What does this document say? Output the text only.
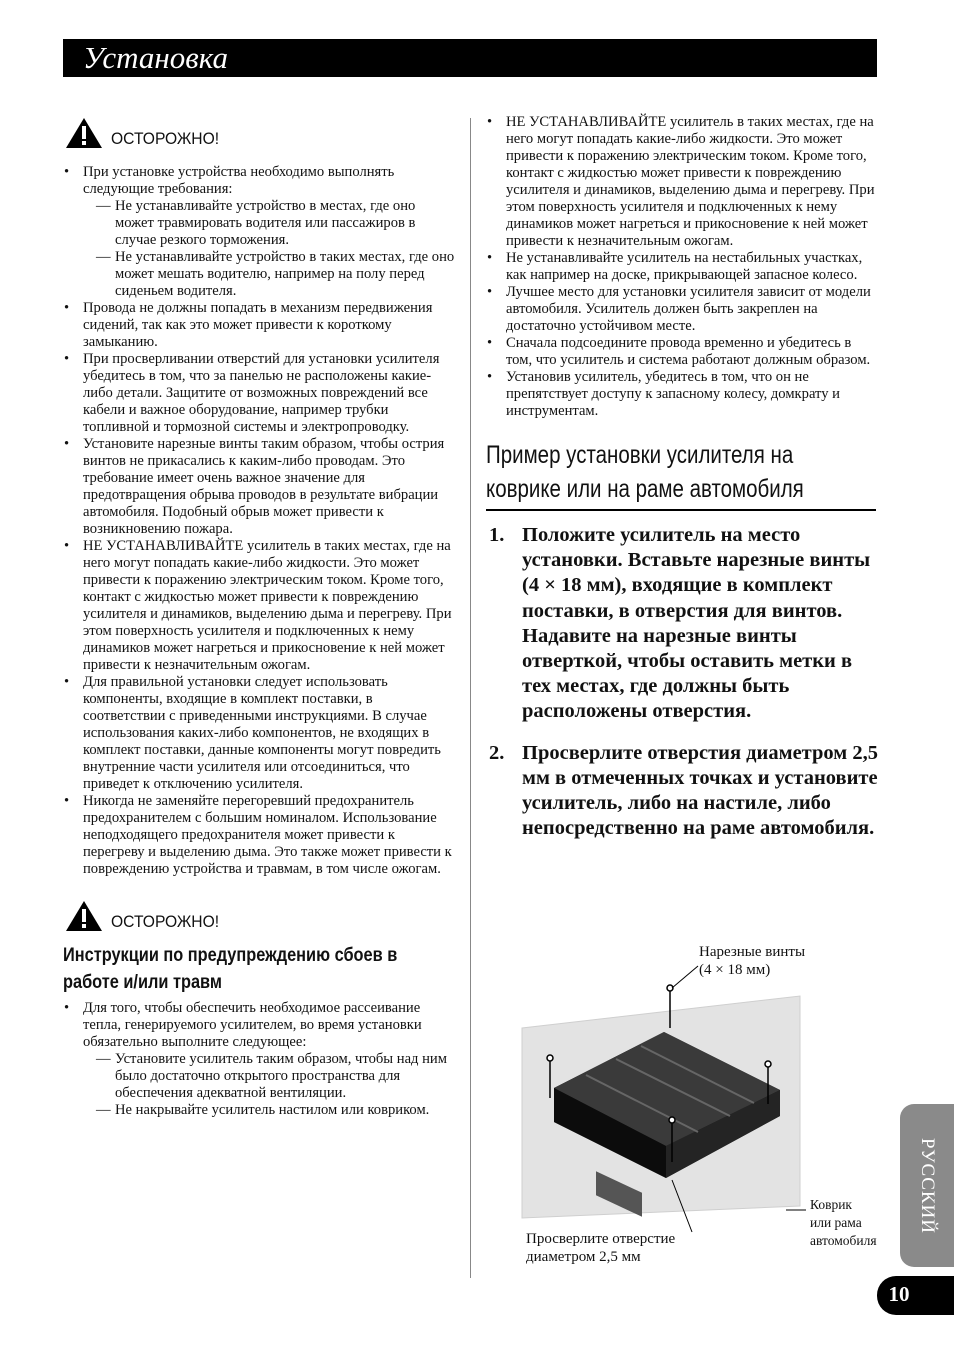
Установка
ОСТОРОЖНО!
• При установке устройства необходимо выполнять следующие требования:
— Не устанавливайте устройство в местах, где оно может травмировать водителя или пассажиров в случае резкого торможения.
— Не устанавливайте устройство в таких местах, где оно может мешать водителю, например на полу перед сиденьем водителя.
• Провода не должны попадать в механизм передвижения сидений, так как это может привести к короткому замыканию.
• При просверливании отверстий для установки усилителя убедитесь в том, что за панелью не расположены какие-либо детали. Защитите от возможных повреждений все кабели и важное оборудование, например трубки топливной и тормозной системы и электропроводку.
• Установите нарезные винты таким образом, чтобы острия винтов не прикасались к каким-либо проводам. Это требование имеет очень важное значение для предотвращения обрыва проводов в результате вибрации автомобиля. Подобный обрыв может привести к возникновению пожара.
• НЕ УСТАНАВЛИВАЙТЕ усилитель в таких местах, где на него могут попадать какие-либо жидкости. Это может привести к поражению электрическим током. Кроме того, контакт с жидкостью может привести к повреждению усилителя и динамиков, выделению дыма и перегреву. При этом поверхность усилителя и подключенных к нему динамиков может нагреться и прикосновение к ней может привести к незначительным ожогам.
• Для правильной установки следует использовать компоненты, входящие в комплект поставки, в соответствии с приведенными инструкциями. В случае использования каких-либо компонентов, не входящих в комплект поставки, данные компоненты могут повредить внутренние части усилителя или отсоединиться, что приведет к отключению усилителя.
• Никогда не заменяйте перегоревший предохранитель предохранителем с большим номиналом. Использование неподходящего предохранителя может привести к перегреву и выделению дыма. Это также может привести к повреждению устройства и травмам, в том числе ожогам.
ОСТОРОЖНО!
Инструкции по предупреждению сбоев в работе и/или травм
• Для того, чтобы обеспечить необходимое рассеивание тепла, генерируемого усилителем, во время установки обязательно выполните следующее:
— Установите усилитель таким образом, чтобы над ним было достаточно открытого пространства для обеспечения адекватной вентиляции.
— Не накрывайте усилитель настилом или ковриком.
• НЕ УСТАНАВЛИВАЙТЕ усилитель в таких местах, где на него могут попадать какие-либо жидкости. Это может привести к поражению электрическим током. Кроме того, контакт с жидкостью может привести к повреждению усилителя и динамиков, выделению дыма и перегреву. При этом поверхность усилителя и подключенных к нему динамиков может нагреться и прикосновение к ней может привести к незначительным ожогам.
• Не устанавливайте усилитель на нестабильных участках, как например на доске, прикрывающей запасное колесо.
• Лучшее место для установки усилителя зависит от модели автомобиля. Усилитель должен быть закреплен на достаточно устойчивом месте.
• Сначала подсоедините провода временно и убедитесь в том, что усилитель и система работают должным образом.
• Установив усилитель, убедитесь в том, что он не препятствует доступу к запасному колесу, домкрату и инструментам.
Пример установки усилителя на коврике или на раме автомобиля
1. Положите усилитель на место установки. Вставьте нарезные винты (4 × 18 мм), входящие в комплект поставки, в отверстия для винтов. Надавите на нарезные винты отверткой, чтобы оставить метки в тех местах, где должны быть расположены отверстия.
2. Просверлите отверстия диаметром 2,5 мм в отмеченных точках и установите усилитель, либо на настиле, либо непосредственно на раме автомобиля.
Нарезные винты
(4 × 18 мм)
Просверлите отверстие
диаметром 2,5 мм
Коврик
или рама
автомобиля
РУССКИЙ
10
